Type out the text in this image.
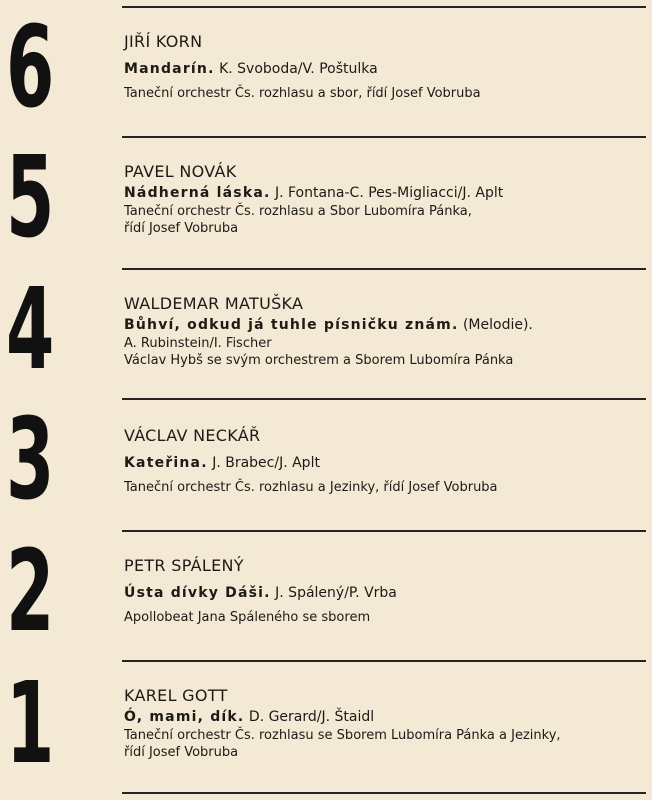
6
5
4
3
2
1
JIŘÍ KORN
Mandarín. K. Svoboda/V. Poštulka
Taneční orchestr Čs. rozhlasu a sbor, řídí Josef Vobruba
PAVEL NOVÁK
Nádherná láska. J. Fontana-C. Pes-Migliacci/J. Aplt
Taneční orchestr Čs. rozhlasu a Sbor Lubomíra Pánka,
řídí Josef Vobruba
WALDEMAR MATUŠKA
Bůhví, odkud já tuhle písničku znám. (Melodie).
A. Rubinstein/I. Fischer
Václav Hybš se svým orchestrem a Sborem Lubomíra Pánka
VÁCLAV NECKÁŘ
Kateřina. J. Brabec/J. Aplt
Taneční orchestr Čs. rozhlasu a Jezinky, řídí Josef Vobruba
PETR SPÁLENÝ
Ústa dívky Dáši. J. Spálený/P. Vrba
Apollobeat Jana Spáleného se sborem
KAREL GOTT
Ó, mami, dík. D. Gerard/J. Štaidl
Taneční orchestr Čs. rozhlasu se Sborem Lubomíra Pánka a Jezinky,
řídí Josef Vobruba
